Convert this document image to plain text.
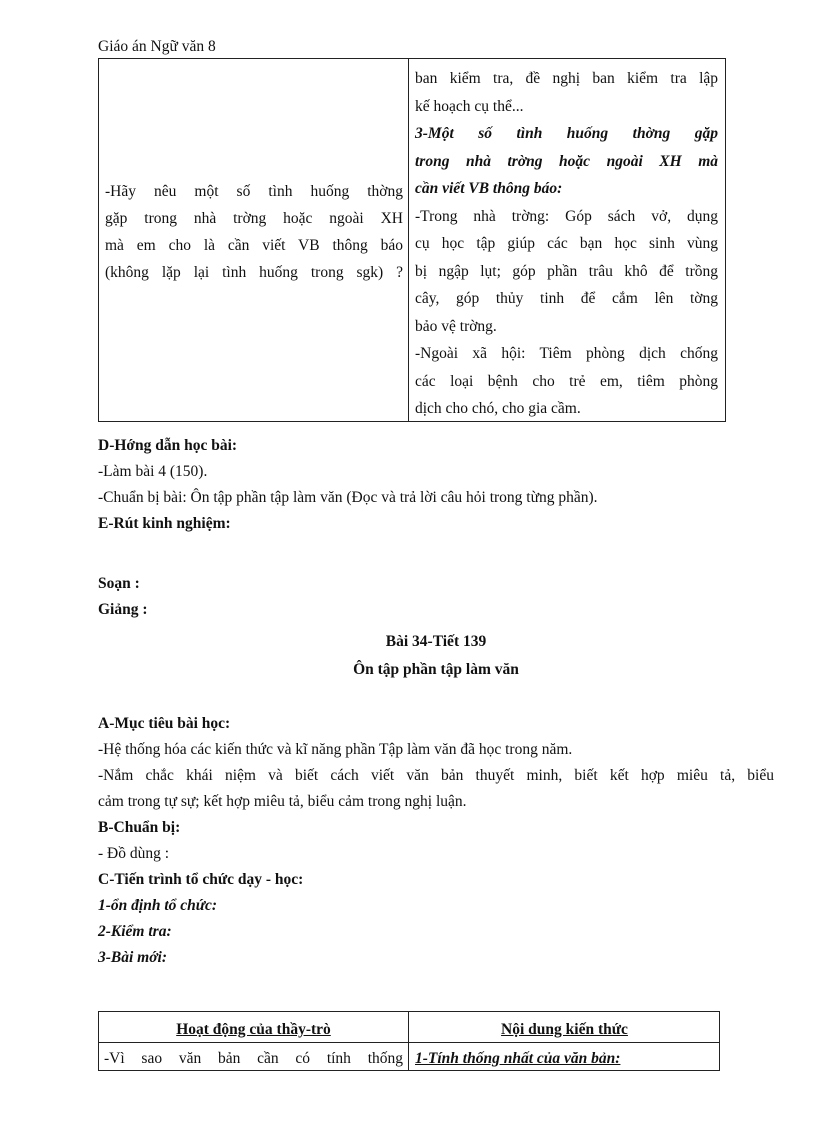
Giáo án Ngữ văn 8
-Hãy nêu một số tình huống thờng
gặp trong nhà trờng hoặc ngoài XH
mà em cho là cần viết VB thông báo
(không lặp lại tình huống trong sgk) ?
ban kiểm tra, đề nghị ban kiểm tra lập
kế hoạch cụ thể...
3-Một số tình huống thờng gặp
trong nhà trờng hoặc ngoài XH mà
cần viết VB thông báo:
-Trong nhà trờng: Góp sách vở, dụng
cụ học tập giúp các bạn học sinh vùng
bị ngập lụt; góp phần trâu khô để trồng
cây, góp thủy tinh để cắm lên tờng
bảo vệ trờng.
-Ngoài xã hội: Tiêm phòng dịch chống
các loại bệnh cho trẻ em, tiêm phòng
dịch cho chó, cho gia cầm.
D-Hớng dẫn học bài:
-Làm bài 4 (150).
-Chuẩn bị bài: Ôn tập phần tập làm văn (Đọc và trả lời câu hỏi trong từng phần).
E-Rút kinh nghiệm:
Soạn :
Giảng :
Bài 34-Tiết 139
Ôn tập phần tập làm văn
A-Mục tiêu bài học:
-Hệ thống hóa các kiến thức và kĩ năng phần Tập làm văn đã học trong năm.
-Nắm chắc khái niệm và biết cách viết văn bản thuyết minh, biết kết hợp miêu tả, biểu
cảm trong tự sự; kết hợp miêu tả, biểu cảm trong nghị luận.
B-Chuẩn bị:
- Đồ dùng :
C-Tiến trình tổ chức dạy - học:
1-ổn định tổ chức:
2-Kiểm tra:
3-Bài mới:
Hoạt động của thầy-trò	Nội dung kiến thức
-Vì sao văn bản cần có tính thống 1-Tính thống nhất của văn bản:
